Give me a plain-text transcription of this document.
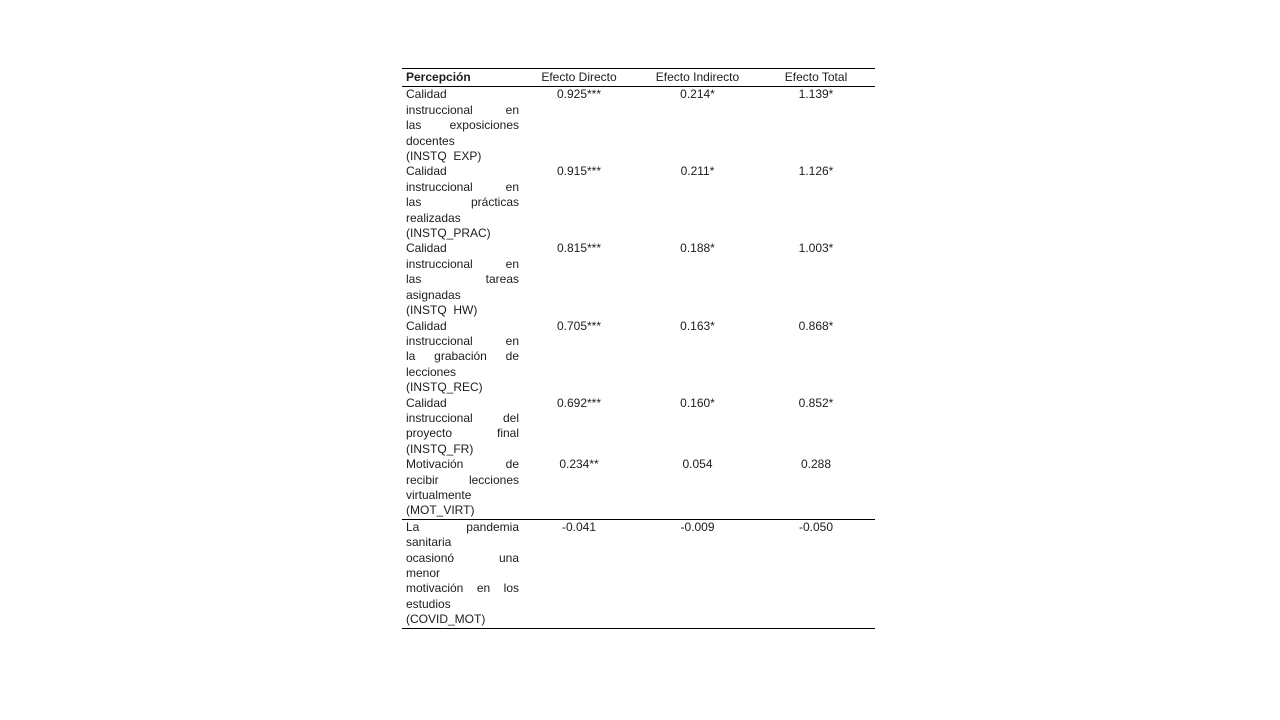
Percepción	Efecto Directo	Efecto Indirecto	Efecto Total

Calidad
instruccional en
las exposiciones
docentes
(INSTQ  EXP)	0.925***	0.214*	1.139*

Calidad
instruccional en
las prácticas
realizadas
(INSTQ_PRAC)	0.915***	0.211*	1.126*

Calidad
instruccional en
las tareas
asignadas
(INSTQ  HW)	0.815***	0.188*	1.003*

Calidad
instruccional en
la grabación de
lecciones
(INSTQ_REC)	0.705***	0.163*	0.868*

Calidad
instruccional del
proyecto final
(INSTQ_FR)	0.692***	0.160*	0.852*

Motivación de
recibir lecciones
virtualmente
(MOT_VIRT)	0.234**	0.054	0.288

La pandemia
sanitaria
ocasionó una
menor
motivación en los
estudios
(COVID_MOT)
	-0.041	-0.009	-0.050
